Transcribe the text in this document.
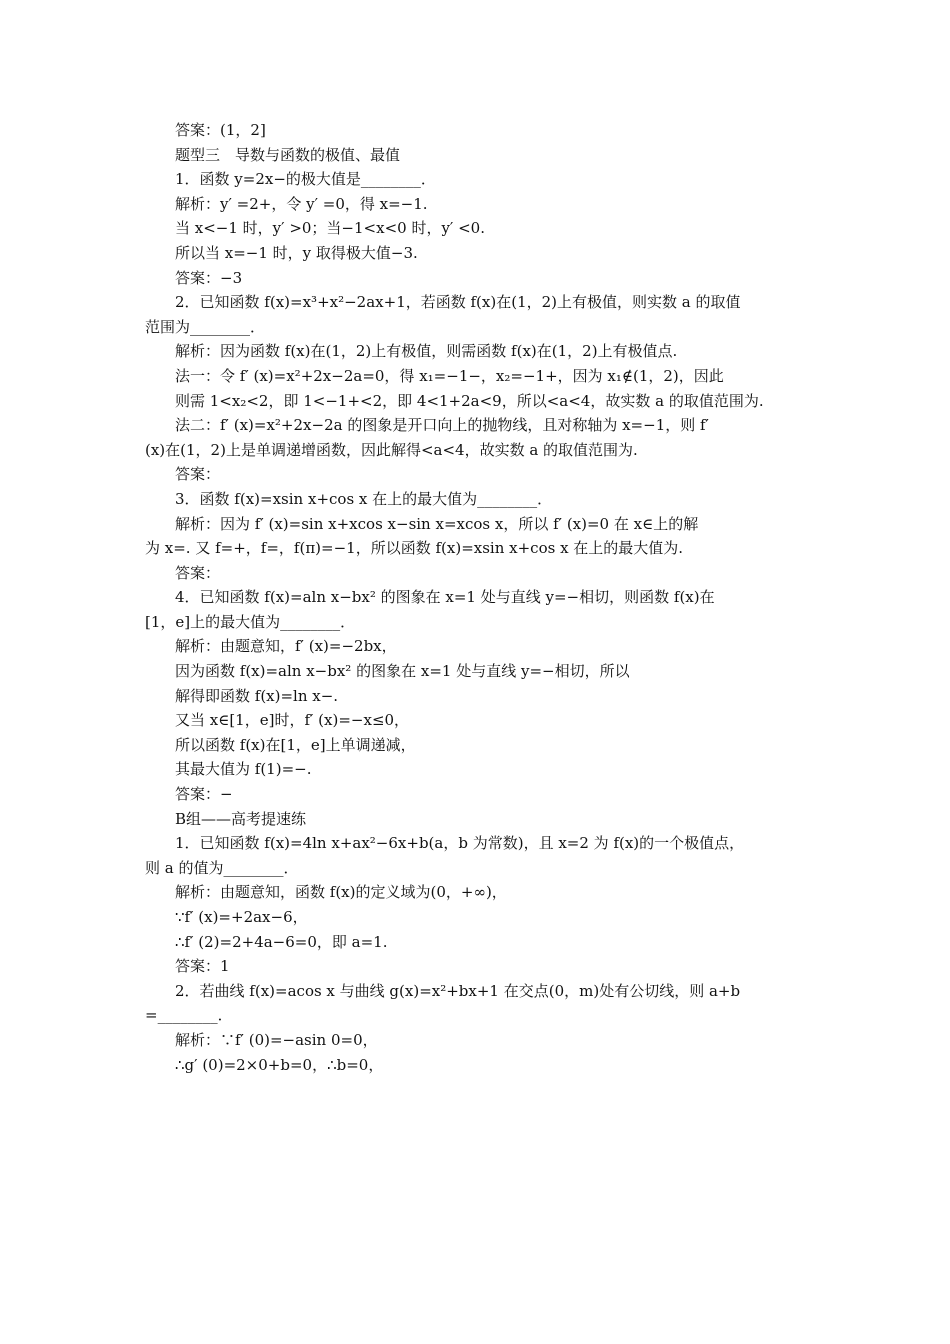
答案：(1，2]
题型三　导数与函数的极值、最值
1．函数 y=2x−的极大值是________．
解析：y′ =2+，令 y′ =0，得 x=−1.
当 x<−1 时，y′ >0；当−1<x<0 时，y′ <0.
所以当 x=−1 时，y 取得极大值−3.
答案：−3
2．已知函数 f(x)=x³+x²−2ax+1，若函数 f(x)在(1，2)上有极值，则实数 a 的取值
范围为________．
解析：因为函数 f(x)在(1，2)上有极值，则需函数 f(x)在(1，2)上有极值点.
法一：令 f′ (x)=x²+2x−2a=0，得 x₁=−1−，x₂=−1+，因为 x₁∉(1，2)，因此
则需 1<x₂<2，即 1<−1+<2，即 4<1+2a<9，所以<a<4，故实数 a 的取值范围为.
法二：f′ (x)=x²+2x−2a 的图象是开口向上的抛物线，且对称轴为 x=−1，则 f′
(x)在(1，2)上是单调递增函数，因此解得<a<4，故实数 a 的取值范围为.
答案：
3．函数 f(x)=xsin x+cos x 在上的最大值为________．
解析：因为 f′ (x)=sin x+xcos x−sin x=xcos x，所以 f′ (x)=0 在 x∈上的解
为 x=. 又 f=+，f=，f(π)=−1，所以函数 f(x)=xsin x+cos x 在上的最大值为.
答案：
4．已知函数 f(x)=aln x−bx² 的图象在 x=1 处与直线 y=−相切，则函数 f(x)在
[1，e]上的最大值为________．
解析：由题意知，f′ (x)=−2bx，
因为函数 f(x)=aln x−bx² 的图象在 x=1 处与直线 y=−相切，所以
解得即函数 f(x)=ln x−.
又当 x∈[1，e]时，f′ (x)=−x≤0，
所以函数 f(x)在[1，e]上单调递减，
其最大值为 f(1)=−.
答案：−
B组——高考提速练
1．已知函数 f(x)=4ln x+ax²−6x+b(a，b 为常数)，且 x=2 为 f(x)的一个极值点，
则 a 的值为________．
解析：由题意知，函数 f(x)的定义域为(0，+∞)，
∵f′ (x)=+2ax−6，
∴f′ (2)=2+4a−6=0，即 a=1.
答案：1
2．若曲线 f(x)=acos x 与曲线 g(x)=x²+bx+1 在交点(0，m)处有公切线，则 a+b
=________．
解析：∵f′ (0)=−asin 0=0，
∴g′ (0)=2×0+b=0，∴b=0，
